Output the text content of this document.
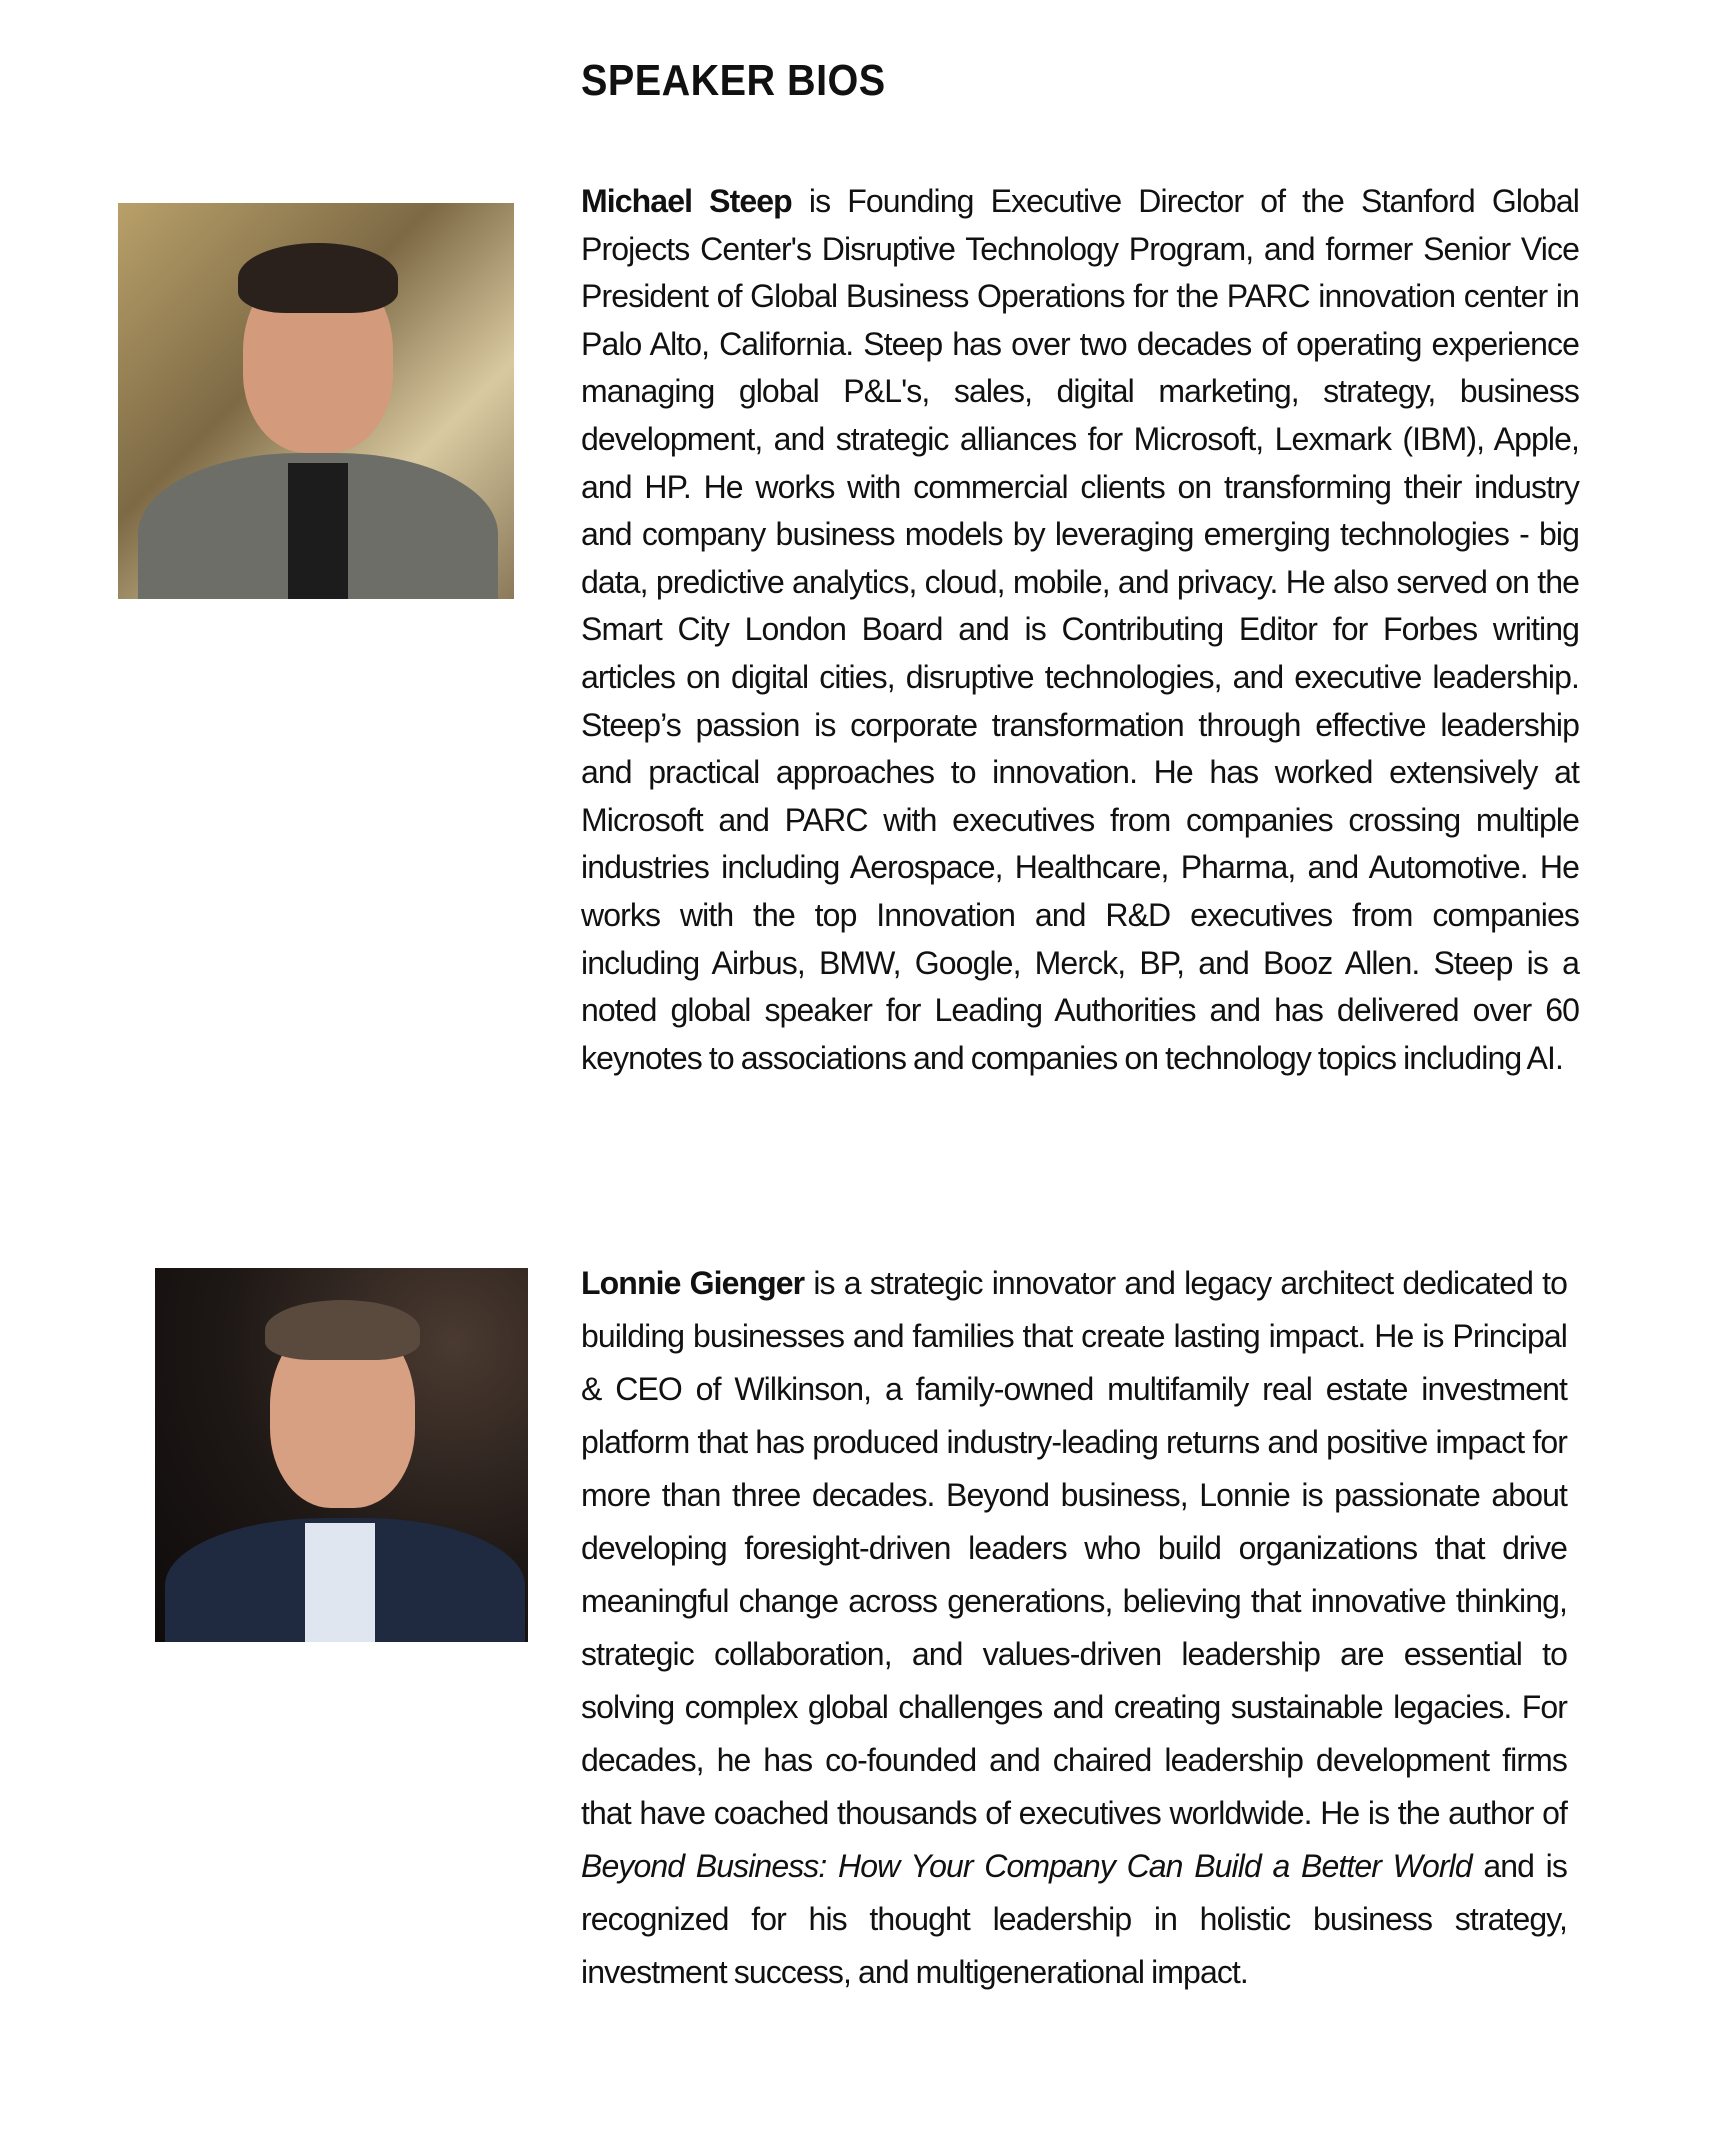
SPEAKER BIOS

Michael Steep is Founding Executive Director of the Stanford Global Projects Center's Disruptive Technology Program, and former Senior Vice President of Global Business Operations for the PARC innovation center in Palo Alto, California. Steep has over two decades of operating experience managing global P&L's, sales, digital marketing, strategy, business development, and strategic alliances for Microsoft, Lexmark (IBM), Apple, and HP. He works with commercial clients on transforming their industry and company business models by leveraging emerging technologies - big data, predictive analytics, cloud, mobile, and privacy. He also served on the Smart City London Board and is Contributing Editor for Forbes writing articles on digital cities, disruptive technologies, and executive leadership. Steep’s passion is corporate transformation through effective leadership and practical approaches to innovation. He has worked extensively at Microsoft and PARC with executives from companies crossing multiple industries including Aerospace, Healthcare, Pharma, and Automotive. He works with the top Innovation and R&D executives from companies including Airbus, BMW, Google, Merck, BP, and Booz Allen. Steep is a noted global speaker for Leading Authorities and has delivered over 60 keynotes to associations and companies on technology topics including AI.

Lonnie Gienger is a strategic innovator and legacy architect dedicated to building businesses and families that create lasting impact. He is Principal & CEO of Wilkinson, a family-owned multifamily real estate investment platform that has produced industry-leading returns and positive impact for more than three decades. Beyond business, Lonnie is passionate about developing foresight-driven leaders who build organizations that drive meaningful change across generations, believing that innovative thinking, strategic collaboration, and values-driven leadership are essential to solving complex global challenges and creating sustainable legacies. For decades, he has co-founded and chaired leadership development firms that have coached thousands of executives worldwide. He is the author of Beyond Business: How Your Company Can Build a Better World and is recognized for his thought leadership in holistic business strategy, investment success, and multigenerational impact.
